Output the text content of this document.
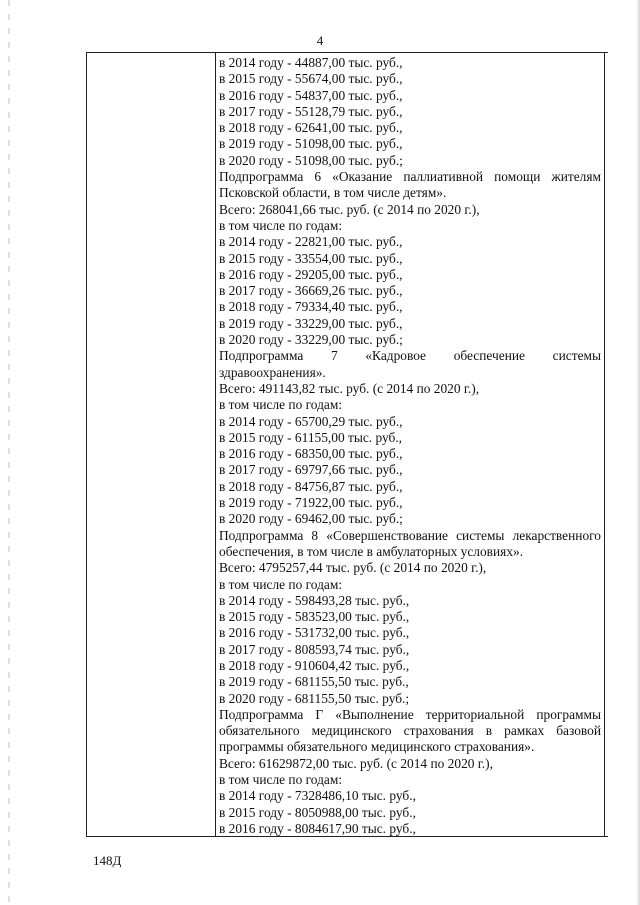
4
в 2014 году - 44887,00 тыс. руб.,
в 2015 году - 55674,00 тыс. руб.,
в 2016 году - 54837,00 тыс. руб.,
в 2017 году - 55128,79 тыс. руб.,
в 2018 году - 62641,00 тыс. руб.,
в 2019 году - 51098,00 тыс. руб.,
в 2020 году - 51098,00 тыс. руб.;
Подпрограмма 6 «Оказание паллиативной помощи жителям Псковской области, в том числе детям».
Всего: 268041,66 тыс. руб. (с 2014 по 2020 г.),
в том числе по годам:
в 2014 году - 22821,00 тыс. руб.,
в 2015 году - 33554,00 тыс. руб.,
в 2016 году - 29205,00 тыс. руб.,
в 2017 году - 36669,26 тыс. руб.,
в 2018 году - 79334,40 тыс. руб.,
в 2019 году - 33229,00 тыс. руб.,
в 2020 году - 33229,00 тыс. руб.;
Подпрограмма 7 «Кадровое обеспечение системы здравоохранения».
Всего: 491143,82 тыс. руб. (с 2014 по 2020 г.),
в том числе по годам:
в 2014 году - 65700,29 тыс. руб.,
в 2015 году - 61155,00 тыс. руб.,
в 2016 году - 68350,00 тыс. руб.,
в 2017 году - 69797,66 тыс. руб.,
в 2018 году - 84756,87 тыс. руб.,
в 2019 году - 71922,00 тыс. руб.,
в 2020 году - 69462,00 тыс. руб.;
Подпрограмма 8 «Совершенствование системы лекарственного обеспечения, в том числе в амбулаторных условиях».
Всего: 4795257,44 тыс. руб. (с 2014 по 2020 г.),
в том числе по годам:
в 2014 году - 598493,28 тыс. руб.,
в 2015 году - 583523,00 тыс. руб.,
в 2016 году - 531732,00 тыс. руб.,
в 2017 году - 808593,74 тыс. руб.,
в 2018 году - 910604,42 тыс. руб.,
в 2019 году - 681155,50 тыс. руб.,
в 2020 году - 681155,50 тыс. руб.;
Подпрограмма Г «Выполнение территориальной программы обязательного медицинского страхования в рамках базовой программы обязательного медицинского страхования».
Всего: 61629872,00 тыс. руб. (с 2014 по 2020 г.),
в том числе по годам:
в 2014 году - 7328486,10 тыс. руб.,
в 2015 году - 8050988,00 тыс. руб.,
в 2016 году - 8084617,90 тыс. руб.,
148Д
